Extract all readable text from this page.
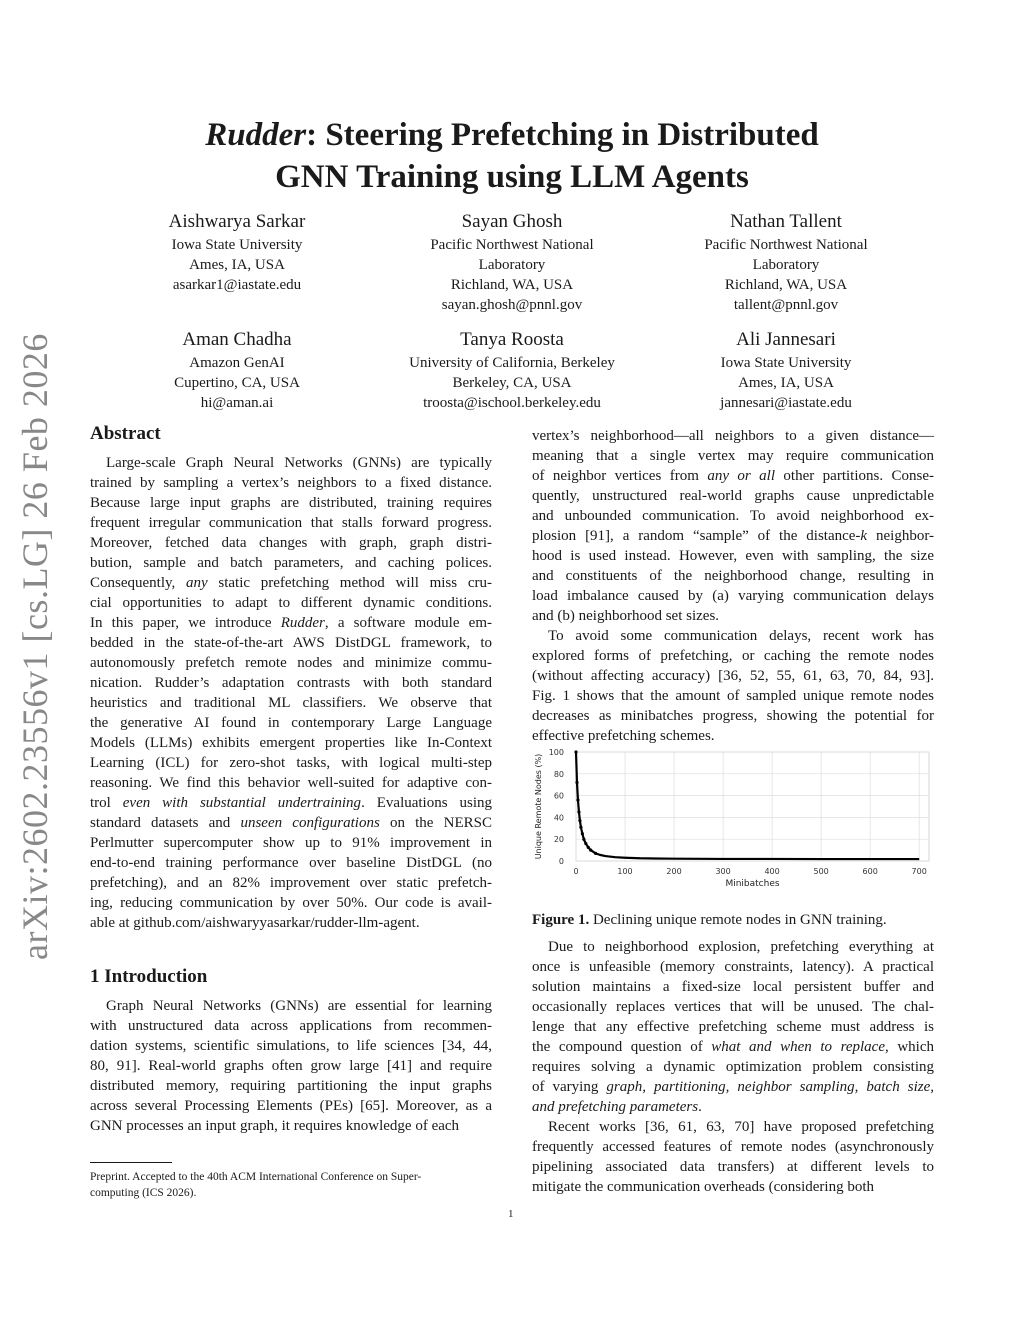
arXiv:2602.23556v1 [cs.LG] 26 Feb 2026
Rudder: Steering Prefetching in Distributed
GNN Training using LLM Agents
Aishwarya Sarkar
Iowa State University
Ames, IA, USA
asarkar1@iastate.edu
Sayan Ghosh
Pacific Northwest National
Laboratory
Richland, WA, USA
sayan.ghosh@pnnl.gov
Nathan Tallent
Pacific Northwest National
Laboratory
Richland, WA, USA
tallent@pnnl.gov
Aman Chadha
Amazon GenAI
Cupertino, CA, USA
hi@aman.ai
Tanya Roosta
University of California, Berkeley
Berkeley, CA, USA
troosta@ischool.berkeley.edu
Ali Jannesari
Iowa State University
Ames, IA, USA
jannesari@iastate.edu
Abstract
Large-scale Graph Neural Networks (GNNs) are typically
trained by sampling a vertex’s neighbors to a fixed distance.
Because large input graphs are distributed, training requires
frequent irregular communication that stalls forward progress.
Moreover, fetched data changes with graph, graph distri-
bution, sample and batch parameters, and caching polices.
Consequently, any static prefetching method will miss cru-
cial opportunities to adapt to different dynamic conditions.
In this paper, we introduce Rudder, a software module em-
bedded in the state-of-the-art AWS DistDGL framework, to
autonomously prefetch remote nodes and minimize commu-
nication. Rudder’s adaptation contrasts with both standard
heuristics and traditional ML classifiers. We observe that
the generative AI found in contemporary Large Language
Models (LLMs) exhibits emergent properties like In-Context
Learning (ICL) for zero-shot tasks, with logical multi-step
reasoning. We find this behavior well-suited for adaptive con-
trol even with substantial undertraining. Evaluations using
standard datasets and unseen configurations on the NERSC
Perlmutter supercomputer show up to 91% improvement in
end-to-end training performance over baseline DistDGL (no
prefetching), and an 82% improvement over static prefetch-
ing, reducing communication by over 50%. Our code is avail-
able at github.com/aishwaryyasarkar/rudder-llm-agent.
1 Introduction
Graph Neural Networks (GNNs) are essential for learning
with unstructured data across applications from recommen-
dation systems, scientific simulations, to life sciences [34, 44,
80, 91]. Real-world graphs often grow large [41] and require
distributed memory, requiring partitioning the input graphs
across several Processing Elements (PEs) [65]. Moreover, as a
GNN processes an input graph, it requires knowledge of each
Preprint. Accepted to the 40th ACM International Conference on Super-
computing (ICS 2026).
1
vertex’s neighborhood—all neighbors to a given distance—
meaning that a single vertex may require communication
of neighbor vertices from any or all other partitions. Conse-
quently, unstructured real-world graphs cause unpredictable
and unbounded communication. To avoid neighborhood ex-
plosion [91], a random “sample” of the distance-k neighbor-
hood is used instead. However, even with sampling, the size
and constituents of the neighborhood change, resulting in
load imbalance caused by (a) varying communication delays
and (b) neighborhood set sizes.
To avoid some communication delays, recent work has
explored forms of prefetching, or caching the remote nodes
(without affecting accuracy) [36, 52, 55, 61, 63, 70, 84, 93].
Fig. 1 shows that the amount of sampled unique remote nodes
decreases as minibatches progress, showing the potential for
effective prefetching schemes.
0
20
40
60
80
100
0	100	200	300	400	500	600	700
Minibatches
Unique Remote Nodes (%)
Figure 1. Declining unique remote nodes in GNN training.
Due to neighborhood explosion, prefetching everything at
once is unfeasible (memory constraints, latency). A practical
solution maintains a fixed-size local persistent buffer and
occasionally replaces vertices that will be unused. The chal-
lenge that any effective prefetching scheme must address is
the compound question of what and when to replace, which
requires solving a dynamic optimization problem consisting
of varying graph, partitioning, neighbor sampling, batch size,
and prefetching parameters.
Recent works [36, 61, 63, 70] have proposed prefetching
frequently accessed features of remote nodes (asynchronously
pipelining associated data transfers) at different levels to
mitigate the communication overheads (considering both
